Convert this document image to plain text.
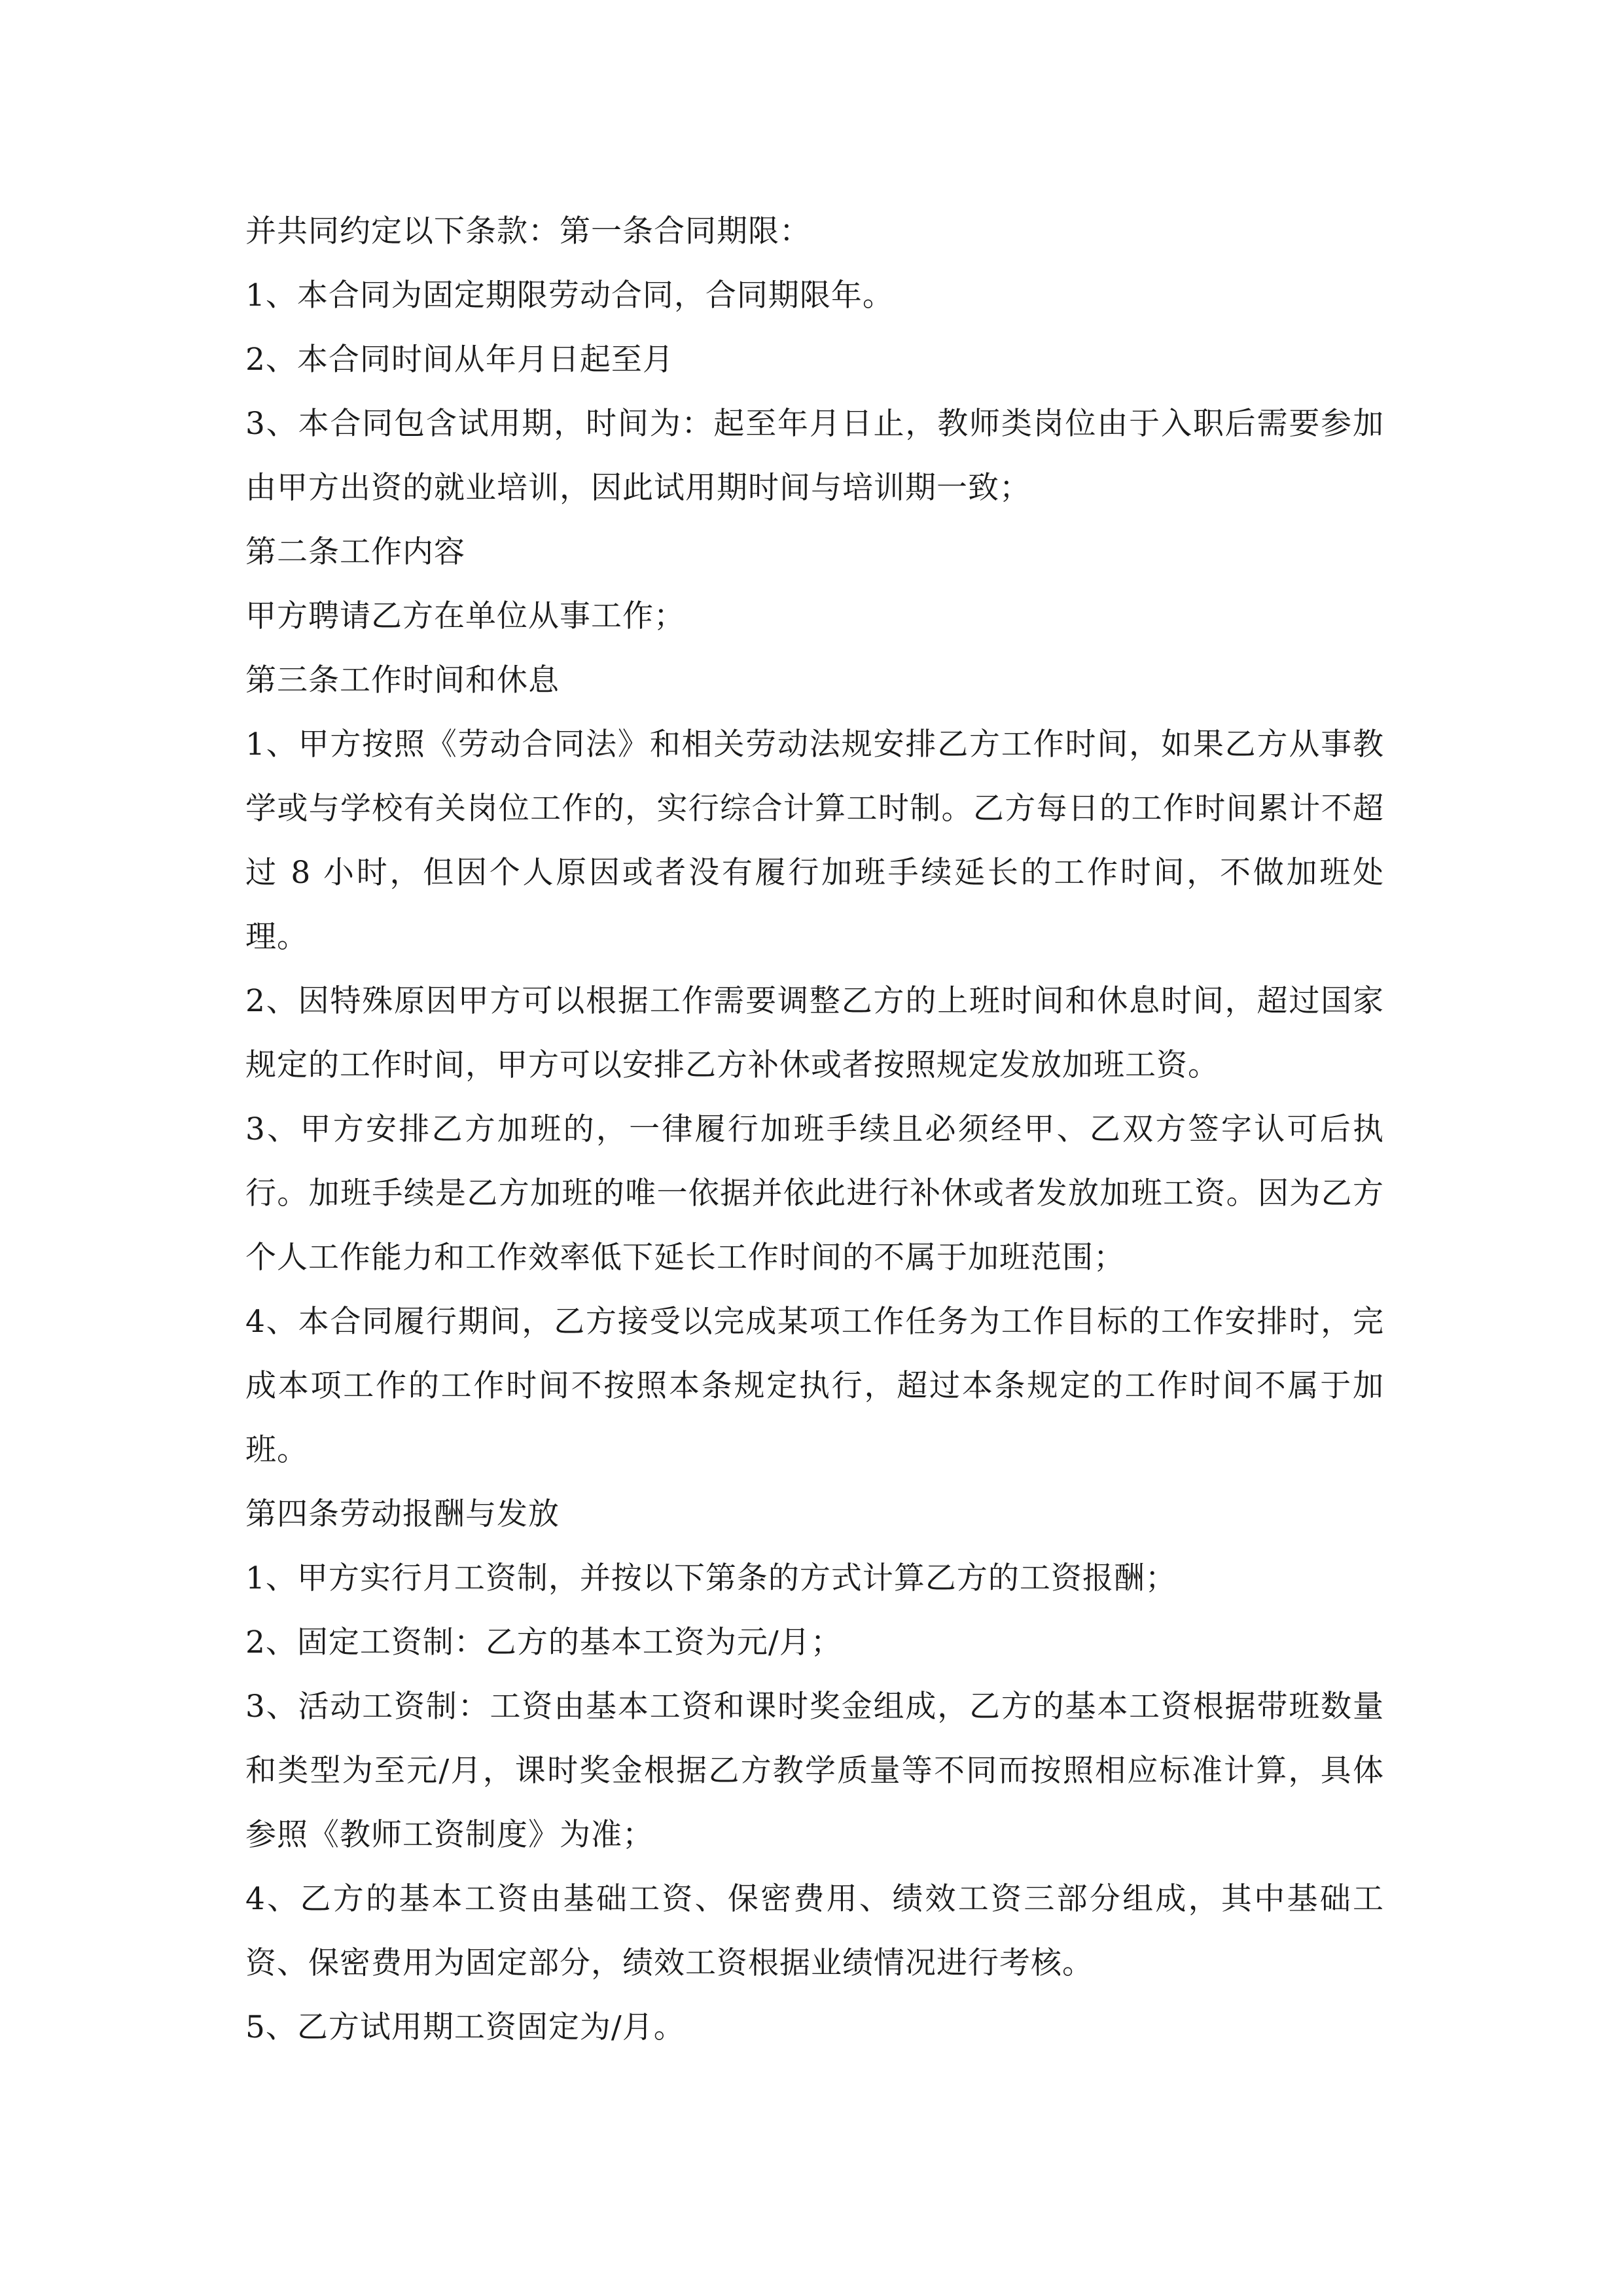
并共同约定以下条款：第一条合同期限：

1、本合同为固定期限劳动合同，合同期限年。

2、本合同时间从年月日起至月

3、本合同包含试用期，时间为：起至年月日止，教师类岗位由于入职后需要参加由甲方出资的就业培训，因此试用期时间与培训期一致；

第二条工作内容

甲方聘请乙方在单位从事工作；

第三条工作时间和休息

1、甲方按照《劳动合同法》和相关劳动法规安排乙方工作时间，如果乙方从事教学或与学校有关岗位工作的，实行综合计算工时制。乙方每日的工作时间累计不超过 8 小时，但因个人原因或者没有履行加班手续延长的工作时间，不做加班处理。

2、因特殊原因甲方可以根据工作需要调整乙方的上班时间和休息时间，超过国家规定的工作时间，甲方可以安排乙方补休或者按照规定发放加班工资。

3、甲方安排乙方加班的，一律履行加班手续且必须经甲、乙双方签字认可后执行。加班手续是乙方加班的唯一依据并依此进行补休或者发放加班工资。因为乙方个人工作能力和工作效率低下延长工作时间的不属于加班范围；

4、本合同履行期间，乙方接受以完成某项工作任务为工作目标的工作安排时，完成本项工作的工作时间不按照本条规定执行，超过本条规定的工作时间不属于加班。

第四条劳动报酬与发放

1、甲方实行月工资制，并按以下第条的方式计算乙方的工资报酬；

2、固定工资制：乙方的基本工资为元/月；

3、活动工资制：工资由基本工资和课时奖金组成，乙方的基本工资根据带班数量和类型为至元/月，课时奖金根据乙方教学质量等不同而按照相应标准计算，具体参照《教师工资制度》为准；

4、乙方的基本工资由基础工资、保密费用、绩效工资三部分组成，其中基础工资、保密费用为固定部分，绩效工资根据业绩情况进行考核。

5、乙方试用期工资固定为/月。
